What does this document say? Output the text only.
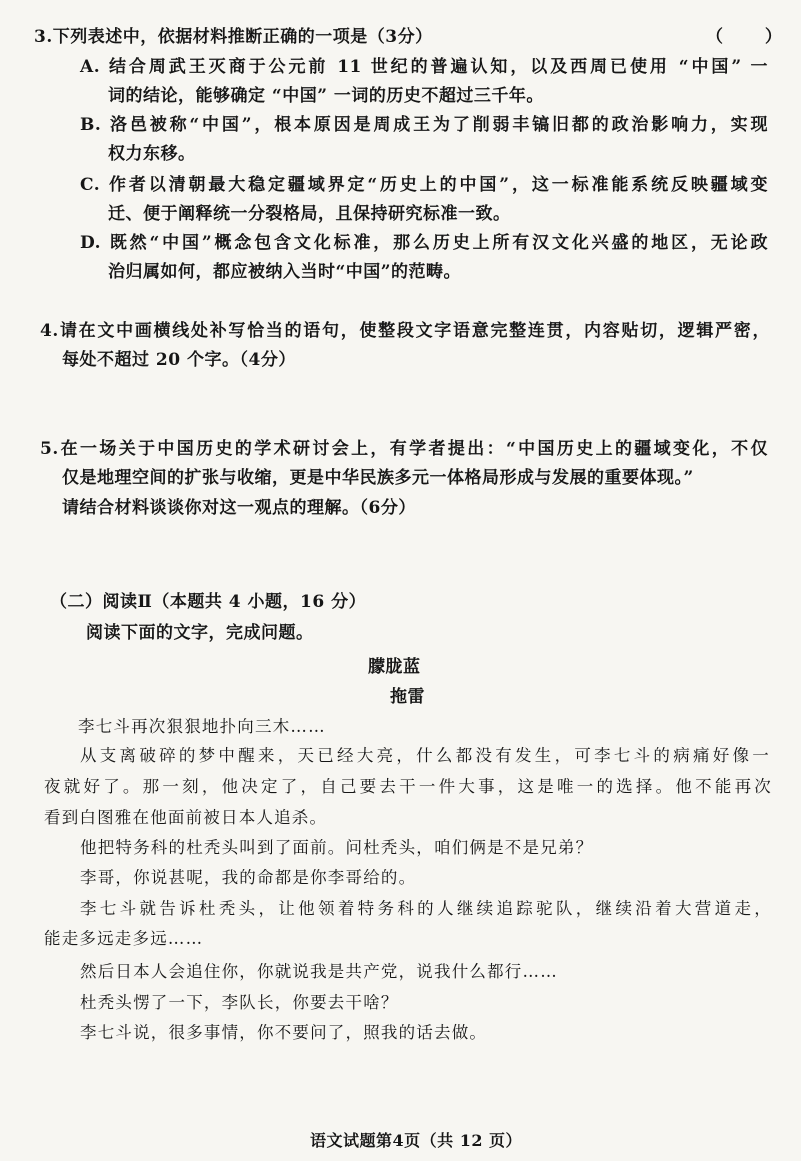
3.下列表述中，依据材料推断正确的一项是（3分）	（ ）
A. 结合周武王灭商于公元前 11 世纪的普遍认知，以及西周已使用 “中国” 一
词的结论，能够确定 “中国” 一词的历史不超过三千年。
B. 洛邑被称“中国”，根本原因是周成王为了削弱丰镐旧都的政治影响力，实现
权力东移。
C. 作者以清朝最大稳定疆域界定“历史上的中国”，这一标准能系统反映疆域变
迁、便于阐释统一分裂格局，且保持研究标准一致。
D. 既然“中国”概念包含文化标准，那么历史上所有汉文化兴盛的地区，无论政
治归属如何，都应被纳入当时“中国”的范畴。
4.请在文中画横线处补写恰当的语句，使整段文字语意完整连贯，内容贴切，逻辑严密，
每处不超过 20 个字。（4分）
5.在一场关于中国历史的学术研讨会上，有学者提出：“中国历史上的疆域变化，不仅
仅是地理空间的扩张与收缩，更是中华民族多元一体格局形成与发展的重要体现。”
请结合材料谈谈你对这一观点的理解。（6分）
（二）阅读Ⅱ（本题共 4 小题，16 分）
阅读下面的文字，完成问题。
朦胧蓝
拖雷
李七斗再次狠狠地扑向三木……
从支离破碎的梦中醒来，天已经大亮，什么都没有发生，可李七斗的病痛好像一
夜就好了。那一刻，他决定了，自己要去干一件大事，这是唯一的选择。他不能再次
看到白图雅在他面前被日本人追杀。
他把特务科的杜秃头叫到了面前。问杜秃头，咱们俩是不是兄弟？
李哥，你说甚呢，我的命都是你李哥给的。
李七斗就告诉杜秃头，让他领着特务科的人继续追踪驼队，继续沿着大营道走，
能走多远走多远……
然后日本人会追住你，你就说我是共产党，说我什么都行……
杜秃头愣了一下，李队长，你要去干啥？
李七斗说，很多事情，你不要问了，照我的话去做。
语文试题第4页（共 12 页）
